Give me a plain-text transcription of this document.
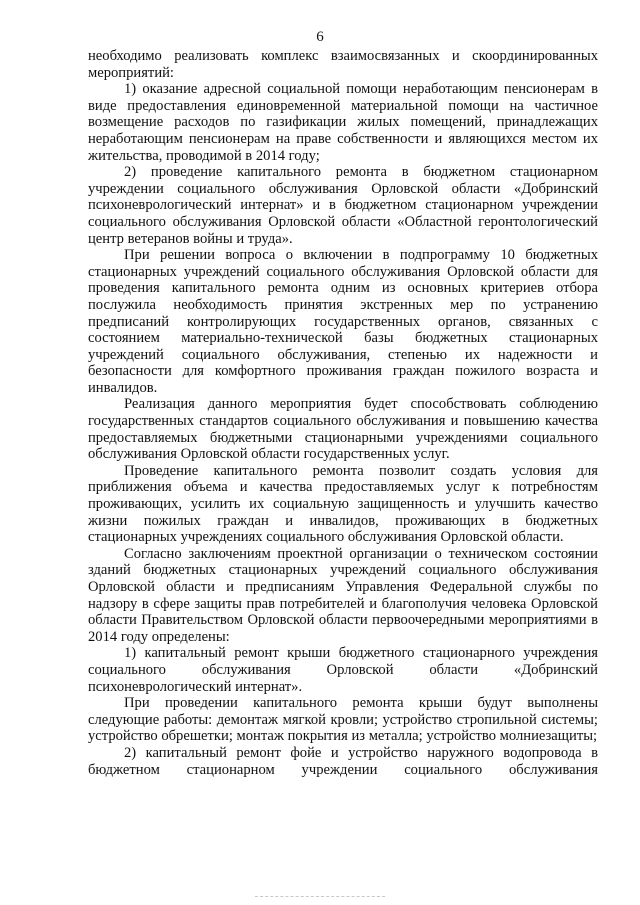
6

необходимо реализовать комплекс взаимосвязанных и скоординированных мероприятий:

1) оказание адресной социальной помощи неработающим пенсионерам в виде предоставления единовременной материальной помощи на частичное возмещение расходов по газификации жилых помещений, принадлежащих неработающим пенсионерам на праве собственности и являющихся местом их жительства, проводимой в 2014 году;

2) проведение капитального ремонта в бюджетном стационарном учреждении социального обслуживания Орловской области «Добринский психоневрологический интернат» и в бюджетном стационарном учреждении социального обслуживания Орловской области «Областной геронтологический центр ветеранов войны и труда».

При решении вопроса о включении в подпрограмму 10 бюджетных стационарных учреждений социального обслуживания Орловской области для проведения капитального ремонта одним из основных критериев отбора послужила необходимость принятия экстренных мер по устранению предписаний контролирующих государственных органов, связанных с состоянием материально-технической базы бюджетных стационарных учреждений социального обслуживания, степенью их надежности и безопасности для комфортного проживания граждан пожилого возраста и инвалидов.

Реализация данного мероприятия будет способствовать соблюдению государственных стандартов социального обслуживания и повышению качества предоставляемых бюджетными стационарными учреждениями социального обслуживания Орловской области государственных услуг.

Проведение капитального ремонта позволит создать условия для приближения объема и качества предоставляемых услуг к потребностям проживающих, усилить их социальную защищенность и улучшить качество жизни пожилых граждан и инвалидов, проживающих в бюджетных стационарных учреждениях социального обслуживания Орловской области.

Согласно заключениям проектной организации о техническом состоянии зданий бюджетных стационарных учреждений социального обслуживания Орловской области и предписаниям Управления Федеральной службы по надзору в сфере защиты прав потребителей и благополучия человека Орловской области Правительством Орловской области первоочередными мероприятиями в 2014 году определены:

1) капитальный ремонт крыши бюджетного стационарного учреждения социального обслуживания Орловской области «Добринский психоневрологический интернат».

При проведении капитального ремонта крыши будут выполнены следующие работы: демонтаж мягкой кровли; устройство стропильной системы; устройство обрешетки; монтаж покрытия из металла; устройство молниезащиты;

2) капитальный ремонт фойе и устройство наружного водопровода в бюджетном стационарном учреждении социального обслуживания
